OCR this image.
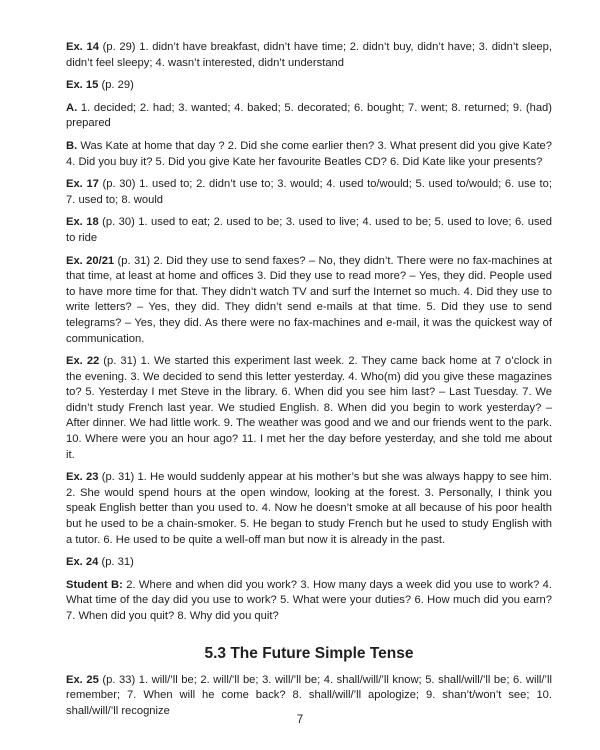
Ex. 14 (p. 29) 1. didn’t have breakfast, didn’t have time; 2. didn’t buy, didn’t have; 3. didn’t sleep, didn’t feel sleepy; 4. wasn’t interested, didn’t understand

Ex. 15 (p. 29)

A. 1. decided; 2. had; 3. wanted; 4. baked; 5. decorated; 6. bought; 7. went; 8. returned; 9. (had) prepared

B. Was Kate at home that day ? 2. Did she come earlier then? 3. What present did you give Kate? 4. Did you buy it? 5. Did you give Kate her favourite Beatles CD? 6. Did Kate like your presents?

Ex. 17 (p. 30) 1. used to; 2. didn’t use to; 3. would; 4. used to/would; 5. used to/would; 6. use to; 7. used to; 8. would

Ex. 18 (p. 30) 1. used to eat; 2. used to be; 3. used to live; 4. used to be; 5. used to love; 6. used to ride

Ex. 20/21 (p. 31) 2. Did they use to send faxes? – No, they didn’t. There were no fax-machines at that time, at least at home and offices 3. Did they use to read more? – Yes, they did. People used to have more time for that. They didn’t watch TV and surf the Internet so much. 4. Did they use to write letters? – Yes, they did. They didn’t send e-mails at that time. 5. Did they use to send telegrams? – Yes, they did. As there were no fax-machines and e-mail, it was the quickest way of communication.

Ex. 22 (p. 31) 1. We started this experiment last week. 2. They came back home at 7 o’clock in the evening. 3. We decided to send this letter yesterday. 4. Who(m) did you give these magazines to? 5. Yesterday I met Steve in the library. 6. When did you see him last? – Last Tuesday. 7. We didn’t study French last year. We studied English. 8. When did you begin to work yesterday? – After dinner. We had little work. 9. The weather was good and we and our friends went to the park. 10. Where were you an hour ago? 11. I met her the day before yesterday, and she told me about it.

Ex. 23 (p. 31) 1. He would suddenly appear at his mother’s but she was always happy to see him. 2. She would spend hours at the open window, looking at the forest. 3. Personally, I think you speak English better than you used to. 4. Now he doesn’t smoke at all because of his poor health but he used to be a chain-smoker. 5. He began to study French but he used to study English with a tutor. 6. He used to be quite a well-off man but now it is already in the past.

Ex. 24 (p. 31)

Student B: 2. Where and when did you work? 3. How many days a week did you use to work? 4. What time of the day did you use to work? 5. What were your duties? 6. How much did you earn? 7. When did you quit? 8. Why did you quit?

5.3 The Future Simple Tense

Ex. 25 (p. 33) 1. will/’ll be; 2. will/’ll be; 3. will/’ll be; 4. shall/will/’ll know; 5. shall/will/’ll be; 6. will/’ll remember; 7. When will he come back? 8. shall/will/’ll apologize; 9. shan’t/won’t see; 10. shall/will/’ll recognize

7
